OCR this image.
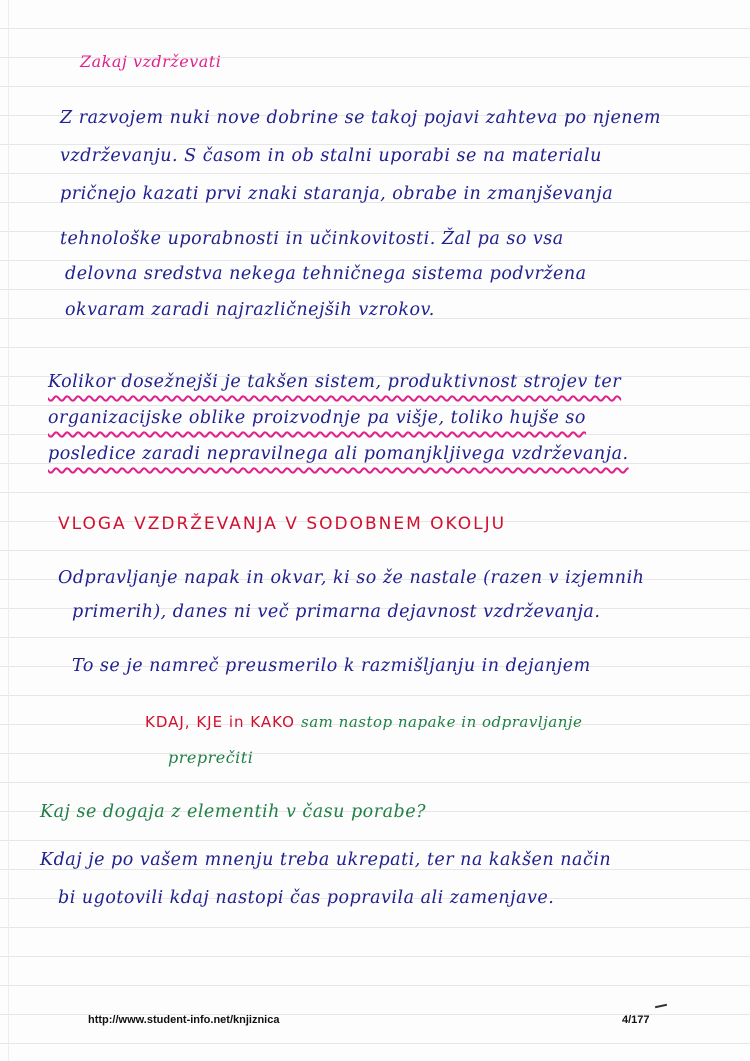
Zakaj vzdrževati
Z razvojem nuki nove dobrine se takoj pojavi zahteva po njenem
vzdrževanju. S časom in ob stalni uporabi se na materialu
pričnejo kazati prvi znaki staranja, obrabe in zmanjševanja
tehnološke uporabnosti in učinkovitosti. Žal pa so vsa
delovna sredstva nekega tehničnega sistema podvržena
okvaram zaradi najrazličnejših vzrokov.
Kolikor dosežnejši je takšen sistem, produktivnost strojev ter
organizacijske oblike proizvodnje pa višje, toliko hujše so
posledice zaradi nepravilnega ali pomanjkljivega vzdrževanja.
VLOGA VZDRŽEVANJA V SODOBNEM OKOLJU
Odpravljanje napak in okvar, ki so že nastale (razen v izjemnih
primerih), danes ni več primarna dejavnost vzdrževanja.
To se je namreč preusmerilo k razmišljanju in dejanjem
KDAJ, KJE in KAKO sam nastop napake in odpravljanje
preprečiti
Kaj se dogaja z elementih v času porabe?
Kdaj je po vašem mnenju treba ukrepati, ter na kakšen način
bi ugotovili kdaj nastopi čas popravila ali zamenjave.
http://www.student-info.net/knjiznica	4/177
